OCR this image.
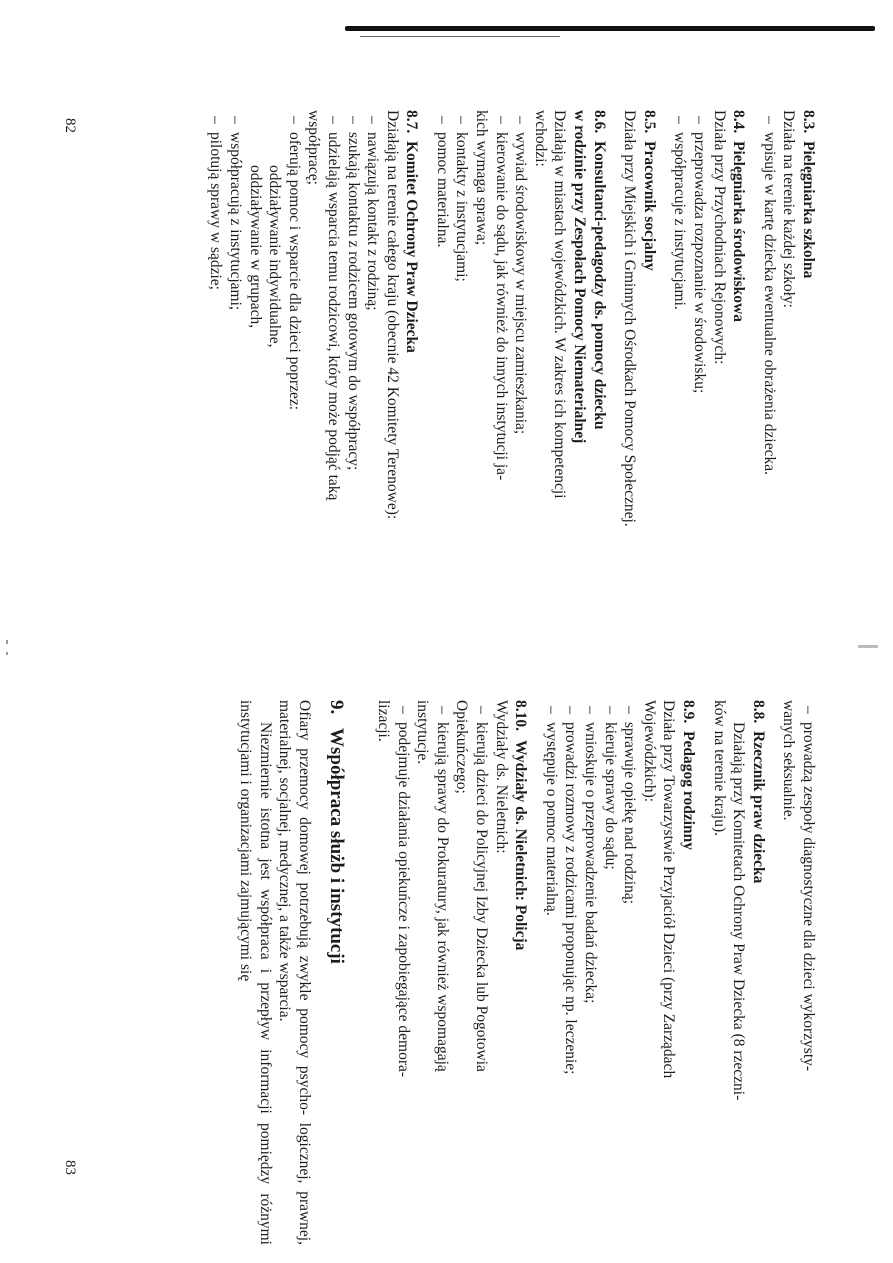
8.3.Pielęgniarka szkolna

Działa na terenie każdej szkoły:

– wpisuje w kartę dziecka ewentualne obrażenia dziecka.
8.4.Pielęgniarka środowiskowa

Działa przy Przychodniach Rejonowych:

– przeprowadza rozpoznanie w środowisku;
– współpracuje z instytucjami.
8.5.Pracownik socjalny

Działa przy Miejskich i Gminnych Ośrodkach Pomocy Społecznej.

8.6.Konsultanci-pedagodzy ds. pomocy dziecku
w rodzinie przy Zespołach Pomocy Niematerialnej

Działają w miastach wojewódzkich. W zakres ich kompetencji

wchodzi:

– wywiad środowiskowy w miejscu zamieszkania;
– kierowanie do sądu, jak również do innych instytucji ja-
kich wymaga sprawa;
– kontakty z instytucjami;
– pomoc materialna.
8.7.Komitet Ochrony Praw Dziecka

Działają na terenie całego kraju (obecnie 42 Komitety Terenowe):

– nawiązują kontakt z rodziną;
– szukają kontaktu z rodzicem gotowym do współpracy;
– udzielają wsparcia temu rodzicowi, który może podjąć taką
współpracę;
– oferują pomoc i wsparcie dla dzieci poprzez:
oddziaływanie indywidualne,
oddziaływanie w grupach,
– współpracują z instytucjami;
– pilotują sprawy w sądzie;
82
– prowadzą zespoły diagnostyczne dla dzieci wykorzysty-
wanych seksualnie.
8.8.Rzecznik praw dziecka

Działają przy Komitetach Ochrony Praw Dziecka (8 rzeczni-

ków na terenie kraju).

8.9.Pedagog rodzinny

Działa przy Towarzystwie Przyjaciół Dzieci (przy Zarządach

Wojewódzkich):

– sprawuje opiekę nad rodziną;
– kieruje sprawy do sądu;
– wnioskuje o przeprowadzenie badań dziecka;
– prowadzi rozmowy z rodzicami proponując np. leczenie;
– występuje o pomoc materialną.
8.10.Wydziały ds. Nieletnich: Policja

Wydziały ds. Nieletnich:

– kierują dzieci do Policyjnej Izby Dziecka lub Pogotowia
Opiekuńczego;
– kierują sprawy do Prokuratury, jak również wspomagają
instytucje.
– podejmuje działania opiekuńcze i zapobiegające demora-
lizacji.
9.Współpraca służb i instytucji

Ofiary przemocy domowej potrzebują zwykle pomocy psycho- logicznej, prawnej, materialnej, socjalnej, medycznej, a także wsparcia.

Niezmiernie istotna jest współpraca i przepływ informacji pomiędzy różnymi instytucjami i organizacjami zajmującymi się

83
